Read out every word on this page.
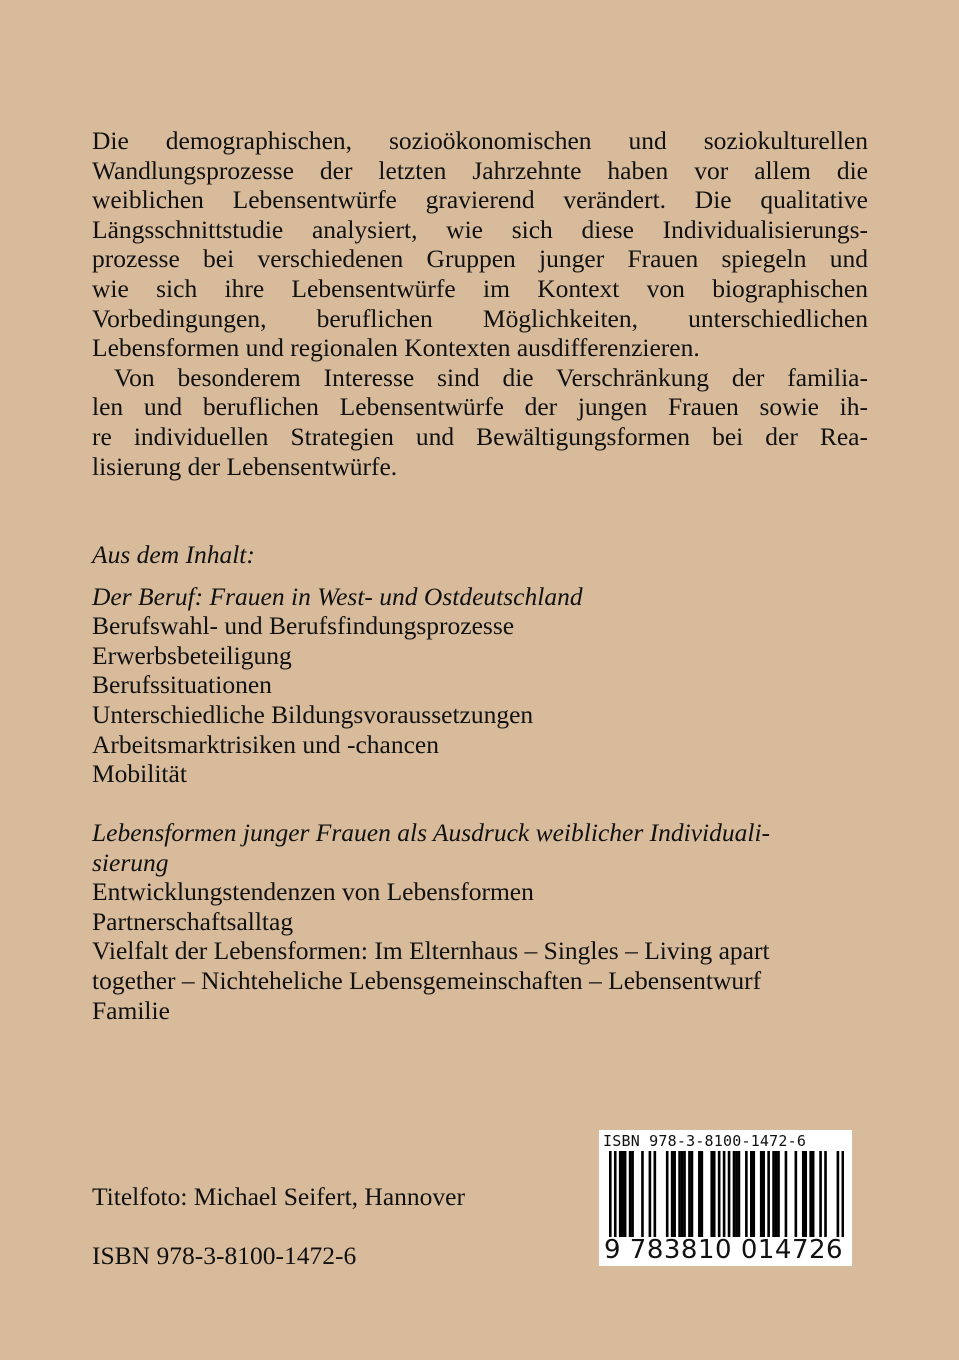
Die demographischen, sozioökonomischen und soziokulturellen
Wandlungsprozesse der letzten Jahrzehnte haben vor allem die
weiblichen Lebensentwürfe gravierend verändert. Die qualitative
Längsschnittstudie analysiert, wie sich diese Individualisierungs-
prozesse bei verschiedenen Gruppen junger Frauen spiegeln und
wie sich ihre Lebensentwürfe im Kontext von biographischen
Vorbedingungen, beruflichen Möglichkeiten, unterschiedlichen
Lebensformen und regionalen Kontexten ausdifferenzieren.

Von besonderem Interesse sind die Verschränkung der familia-
len und beruflichen Lebensentwürfe der jungen Frauen sowie ih-
re individuellen Strategien und Bewältigungsformen bei der Rea-
lisierung der Lebensentwürfe.

Aus dem Inhalt:

Der Beruf: Frauen in West- und Ostdeutschland

Berufswahl- und Berufsfindungsprozesse

Erwerbsbeteiligung

Berufssituationen

Unterschiedliche Bildungsvoraussetzungen

Arbeitsmarktrisiken und -chancen

Mobilität

Lebensformen junger Frauen als Ausdruck weiblicher Individuali-

sierung

Entwicklungstendenzen von Lebensformen

Partnerschaftsalltag

Vielfalt der Lebensformen: Im Elternhaus – Singles – Living apart

together – Nichteheliche Lebensgemeinschaften – Lebensentwurf

Familie

Titelfoto: Michael Seifert, Hannover
ISBN 978-3-8100-1472-6
ISBN 978-3-8100-1472-6
9 783810 014726
